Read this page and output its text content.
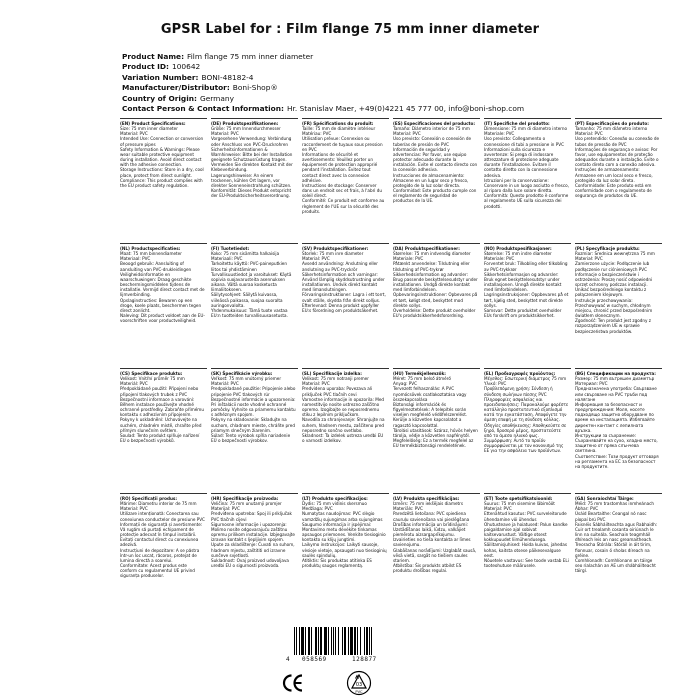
GPSR Label for : Film flange 75 mm inner diameter
Product Name: Film flange 75 mm inner diameter
Product ID: 100642
Variation Number: BONI-48182-4
Manufacturer/Distributor: Boni-Shop®
Country of Origin: Germany
Contact Person & Contact Information: Hr. Stanislav Maer, +49(0)4221 45 777 00, info@boni-shop.com
(EN) Product Specifications:
Size: 75 mm inner diameter
Material: PVC
Intended Use: Connection or conversion of pressure pipes
Safety Information & Warnings: Please wear suitable protective equipment during installation. Avoid direct contact with the adhesive connection.
Storage Instructions: Store in a dry, cool place, protect from direct sunlight.
Compliance: This product complies with the EU product safety regulation.
(DE) Produktspezifikationen:
Größe: 75 mm Innendurchmesser
Material: PVC
Vorgesehene Verwendung: Verbindung oder Anschluss von PVC-Druckrohren
Sicherheitsinformationen & Warnhinweise: Bitte bei der Installation geeignete Schutzausrüstung tragen. Vermeiden Sie direkten Kontakt mit der Klebeverbindung.
Lagerungshinweise: An einem trockenen, kühlen Ort lagern, vor direkter Sonneneinstrahlung schützen.
Konformität: Dieses Produkt entspricht der EU-Produktsicherheitsverordnung.
(FR) Spécifications du produit:
Taille: 75 mm de diamètre intérieur
Matériau: PVC
Utilisation prévue: Connexion ou raccordement de tuyaux sous pression en PVC
Informations de sécurité et avertissements: Veuillez porter un équipement de protection approprié pendant l'installation. Évitez tout contact direct avec la connexion adhésive.
Instructions de stockage: Conserver dans un endroit sec et frais, à l'abri du soleil direct.
Conformité: Ce produit est conforme au règlement de l'UE sur la sécurité des produits.
(ES) Especificaciones del producto:
Tamaño: Diámetro interior de 75 mm
Material: PVC
Uso previsto: Conexión o conexión de tuberías de presión de PVC
Información de seguridad y advertencias: Por favor, use equipo protector adecuado durante la instalación. Evite el contacto directo con la conexión adhesiva.
Instrucciones de almacenamiento: Almacene en un lugar seco y fresco, protegido de la luz solar directa.
Conformidad: Este producto cumple con el reglamento de seguridad de productos de la UE.
(IT) Specifiche del prodotto:
Dimensione: 75 mm di diametro interno
Materiale: PVC
Uso previsto: Collegamento o connessione di tubi a pressione in PVC
Informazioni sulla sicurezza e avvertenze: Si prega di indossare attrezzature di protezione adeguate durante l'installazione. Evitare il contatto diretto con la connessione adesiva.
Istruzioni per la conservazione: Conservare in un luogo asciutto e fresco, al riparo dalla luce solare diretta.
Conformità: Questo prodotto è conforme al regolamento UE sulla sicurezza dei prodotti.
(PT) Especificações do produto:
Tamanho: 75 mm diâmetro interno
Material: PVC
Uso pretendido: Conexão ou conexão de tubos de pressão de PVC
Informações de segurança e avisos: Por favor, use equipamentos de proteção adequados durante a instalação. Evite o contato direto com a conexão adesiva.
Instruções de armazenamento: Armazene em um local seco e fresco, protegido da luz solar direta.
Conformidade: Este produto está em conformidade com o regulamento de segurança de produtos da UE.
(NL) Productspecificaties:
Maat: 75 mm binnendiameter
Materiaal: PVC
Beoogd gebruik: Aansluiting of aansluiting van PVC-drukleidingen
Veiligheidsinformatie en waarschuwingen: Draag geschikte beschermingsmiddelen tijdens de installatie. Vermijd direct contact met de lijmverbinding.
Opslaginstructies: Bewaren op een droge, koele plaats, beschermen tegen direct zonlicht.
Naleving: Dit product voldoet aan de EU-voorschriften voor productveiligheid.
(FI) Tuotetiedot:
Koko: 75 mm sisämitta halkaisija
Materiaali: PVC
Tarkoitettu käyttö: PVC-paineputkien liitos tai yhdistäminen
Turvallisuustiedot ja varoitukset: Käytä sopivia suojavarusteita asennuksen aikana. Vältä suoraa kosketusta liimaliitokseen.
Säilytysohjeet: Säilytä kuivassa, viileässä paikassa, suojaa suoralta auringonvalolta.
Yhdenmukaisuus: Tämä tuote vastaa EU:n tuotteiden turvallisuusasetusta.
(SV) Produktspecifikationer:
Storlek: 75 mm inre diameter
Material: PVC
Avsedd användning: Anslutning eller anslutning av PVC-tryckrör
Säkerhetsinformation och varningar: Använd lämplig skyddsutrustning under installationen. Undvik direkt kontakt med limanslutningen.
Förvaringsinstruktioner: Lagra i ett torrt, svalt ställe, skydda från direkt solljus.
Efterlevnad: Denna produkt uppfyller EU:s förordning om produktsäkerhet.
(DA) Produktspecifikationer:
Størrelse: 75 mm indvendig diameter
Materiale: PVC
Påtænkt anvendelse: Tilslutning eller tilslutning af PVC-trykrør
Sikkerhedsinformation og advarsler: Brug passende beskyttelsesudstyr under installationen. Undgå direkte kontakt med limforbindelsen.
Opbevaringsinstruktioner: Opbevares på et tørt, køligt sted, beskyttet mod direkte sollys.
Overholdelse: Dette produkt overholder EU's produktsikkerhedsforordning.
(NO) Produktspesifikasjoner:
Størrelse: 75 mm indre diameter
Materiale: PVC
Forventet bruk: Tilkobling eller tilkobling av PVC-trykkrør
Sikkerhetsinformasjon og advarsler: Bruk egnet beskyttelsesutstyr under installasjonen. Unngå direkte kontakt med limforbindelsen.
Lagringsinstruksjoner: Oppbevares på et tørt, kjølig sted, beskyttet mot direkte sollys.
Samsvar: Dette produktet overholder EUs forskrift om produktsikkerhet.
(PL) Specyfikacje produktu:
Rozmiar: Średnica wewnętrzna 75 mm
Materiał: PVC
Zamierzone użycie: Podłączenie lub podłączenie rur ciśnieniowych PVC
Informacje o bezpieczeństwie i ostrzeżenia: Proszę nosić odpowiedni sprzęt ochronny podczas instalacji. Unikać bezpośredniego kontaktu z połączeniem klejowym.
Instrukcje przechowywania: Przechowywać w suchym, chłodnym miejscu, chronić przed bezpośrednim światłem słonecznym.
Zgodność: Ten produkt jest zgodny z rozporządzeniem UE w sprawie bezpieczeństwa produktów.
(CS) Specifikace produktu:
Velikost: Vnitřní průměr 75 mm
Materiál: PVC
Předpokládané použití: Připojení nebo připojení tlakových trubek z PVC
Bezpečnostní informace a varování: Během instalace používejte vhodné ochranné prostředky. Zabraňte přímému kontaktu s adhezivním připojením.
Pokyny k uskladnění: Uchovávejte na suchém, chladném místě, chraňte před přímým slunečním světlem.
Soulad: Tento produkt splňuje nařízení EU o bezpečnosti výrobků.
(SK) Špecifikácie výrobku:
Veľkosť: 75 mm vnútorný priemer
Materiál: PVC
Predpokladané použitie: Pripojenie alebo pripojenie PVC tlakových rúr
Bezpečnostné informácie a upozornenia: Pri inštalácii noste vhodné ochranné pomôcky. Vyhnite sa priamemu kontaktu s adhéznym spojom.
Pokyny na skladovanie: Skladujte na suchom, chladnom mieste, chráňte pred priamym slnečným žiarením.
Súlad: Tento výrobok spĺňa nariadenie EÚ o bezpečnosti výrobkov.
(SL) Specifikacije izdelka:
Velikost: 75 mm notranji premer
Material: PVC
Predvidena uporaba: Povezava ali priključek PVC tlačnih cevi
Varnostne informacije in opozorila: Med namestitvijo nosite ustrezno zaščitno opremo. Izogibajte se neposrednemu stiku z lepilnim priključkom.
Navodila za shranjevanje: Shranjujte na suhem, hladnem mestu, zaščiteno pred neposredno sončno svetlobo.
Skladnost: Ta izdelek ustreza uredbi EU o varnosti izdelkov.
(HU) Termékjellemzők:
Méret: 75 mm belső átmérő
Anyag: PVC
Tervezett felhasználás: A PVC nyomócsövek csatlakoztatása vagy összekapcsolása
Biztonsági információk és figyelmeztetések: A telepítés során viseljen megfelelő védőfelszerelést. Kerülje a közvetlen kapcsolatot a ragasztó kapcsolattal.
Tárolási utasítások: Száraz, hűvös helyen tárolja, védje a közvetlen napfénytől.
Megfelelőség: Ez a termék megfelel az EU termékbiztonsági rendeletének.
(EL) Προδιαγραφές προϊόντος:
Μέγεθος: Εσωτερική διάμετρος 75 mm
Υλικό: PVC
Προβλεπόμενη χρήση: Σύνδεση ή σύνδεση σωλήνων πίεσης PVC
Πληροφορίες ασφαλείας και προειδοποιήσεις: Παρακαλούμε φορέστε κατάλληλο προστατευτικό εξοπλισμό κατά την εγκατάσταση. Αποφύγετε την άμεση επαφή με τη σύνδεση κόλλας.
Οδηγίες αποθήκευσης: Αποθηκεύστε σε ξηρό, δροσερό μέρος, προστατεύστε από το άμεσο ηλιακό φως.
Συμμόρφωση: Αυτό το προϊόν συμμορφώνεται με τον κανονισμό της ΕΕ για την ασφάλεια των προϊόντων.
(BG) Спецификации на продукта:
Размер: 75 mm вътрешен диаметър
Материал: PVC
Предназначена употреба: Свързване или свързване на PVC тръби под налягане
Информация за безопасност и предупреждения: Моля, носете подходящо защитно оборудване по време на инсталацията. Избягвайте директен контакт с лепилната връзка.
Инструкции за съхранение: Съхранявайте на сухо, хладно място, защитено от пряка слънчева светлина.
Съответствие: Този продукт отговаря на регламента на ЕС за безопасност на продуктите.
(RO) Specificații produs:
Mărime: Diametru interior de 75 mm
Material: PVC
Utilizare intenționată: Conectarea sau conexiunea conductelor de presiune PVC
Informații de siguranță și avertismente: Vă rugăm să purtați echipament de protecție adecvat în timpul instalării. Evitați contactul direct cu conexiunea adezivă.
Instrucțiuni de depozitare: A se păstra într-un loc uscat, răcoros, protejat de lumina directă a soarelui.
Conformitate: Acest produs este conform cu regulamentul UE privind siguranța produselor.
(HR) Specifikacije proizvoda:
Veličina: 75 mm unutarnji promjer
Materijal: PVC
Predviđena upotreba: Spoj ili priključak PVC tlačnih cijevi
Sigurnosne informacije i upozorenja: Molimo nosite odgovarajuću zaštitnu opremu prilikom instalacije. Izbjegavajte izravan kontakt s ljepljivim spojem.
Upute za skladištenje: Čuvati na suhom, hladnom mjestu, zaštititi od izravne sunčeve svjetlosti.
Sukladnost: Ovaj proizvod udovoljava uredbi EU o sigurnosti proizvoda.
(LT) Produkto specifikacijos:
Dydis: 75 mm vidinis skersmuo
Medžiaga: PVC
Numatytas naudojimas: PVC slėgio vamzdžių sujungimas arba sujungimas
Saugumo informacija ir įspėjimai: Montavimo metu dėvėkite tinkamas apsaugos priemones. Venkite tiesioginio kontakto su klijų jungtimi.
Laikymo instrukcijos: Laikyti sausoje, vėsioje vietoje, apsaugoti nuo tiesioginių saulės spindulių.
Atitiktis: Šis produktas atitinka ES produktų saugos reglamentą.
(LV) Produkta specifikācijas:
Izmērs: 75 mm iekšējais diametrs
Materiāls: PVC
Paredzētā lietošana: PVC spiediena cauruļu savienošana vai pieslēgšana
Drošības informācija un brīdinājumi: Uzstādīšanas laikā, lūdzu, valkājiet piemērotu aizsargaprīkojumu. Izvairieties no tieša kontakta ar līmes savienojumu.
Glabāšanas norādījumi: Uzglabāt sausā, vēsā vietā, sargāt no tiešiem saules stariem.
Atbilstība: Šis produkts atbilst ES produktu drošības regulai.
(ET) Toote spetsifikatsioonid:
Suurus: 75 mm sisemine läbimõõt
Materjal: PVC
Ettenähtud kasutus: PVC surveleitorude ühendamine või ühendus
Ohutusteave ja hoiatused: Palun kandke paigaldamise ajal sobivat kaitsevarustust. Vältige otsest kokkupuudet liimühendusega.
Säilitamisjuhised: Hoida kuivas, jahedas kohas, kaitsta otsese päikesevalguse eest.
Nõuetele vastavus: See toode vastab ELi tooteohutuse määrusele.
(GA) Sonraíochtaí Táirge:
Méid: 75 mm trastomhas inmheánach
Ábhar: PVC
Úsáid Beartaithe: Ceangal nó nasc píopaí brú PVC
Faisnéis Sábháilteachta agus Rabhaidh: Cuir ort trealamh cosanta oiriúnach le linn na suiteála. Seachain teagmháil dhíreach leis an nasc greamaitheach.
Treoracha Stórála: Stóráil in áit tirim, fionnuar, cosain ó sholas díreach na gréine.
Comhlíonadh: Comhlíonann an táirge seo rialachán an AE um shábháilteacht táirgí.
4 058569	128877
03
PVC
